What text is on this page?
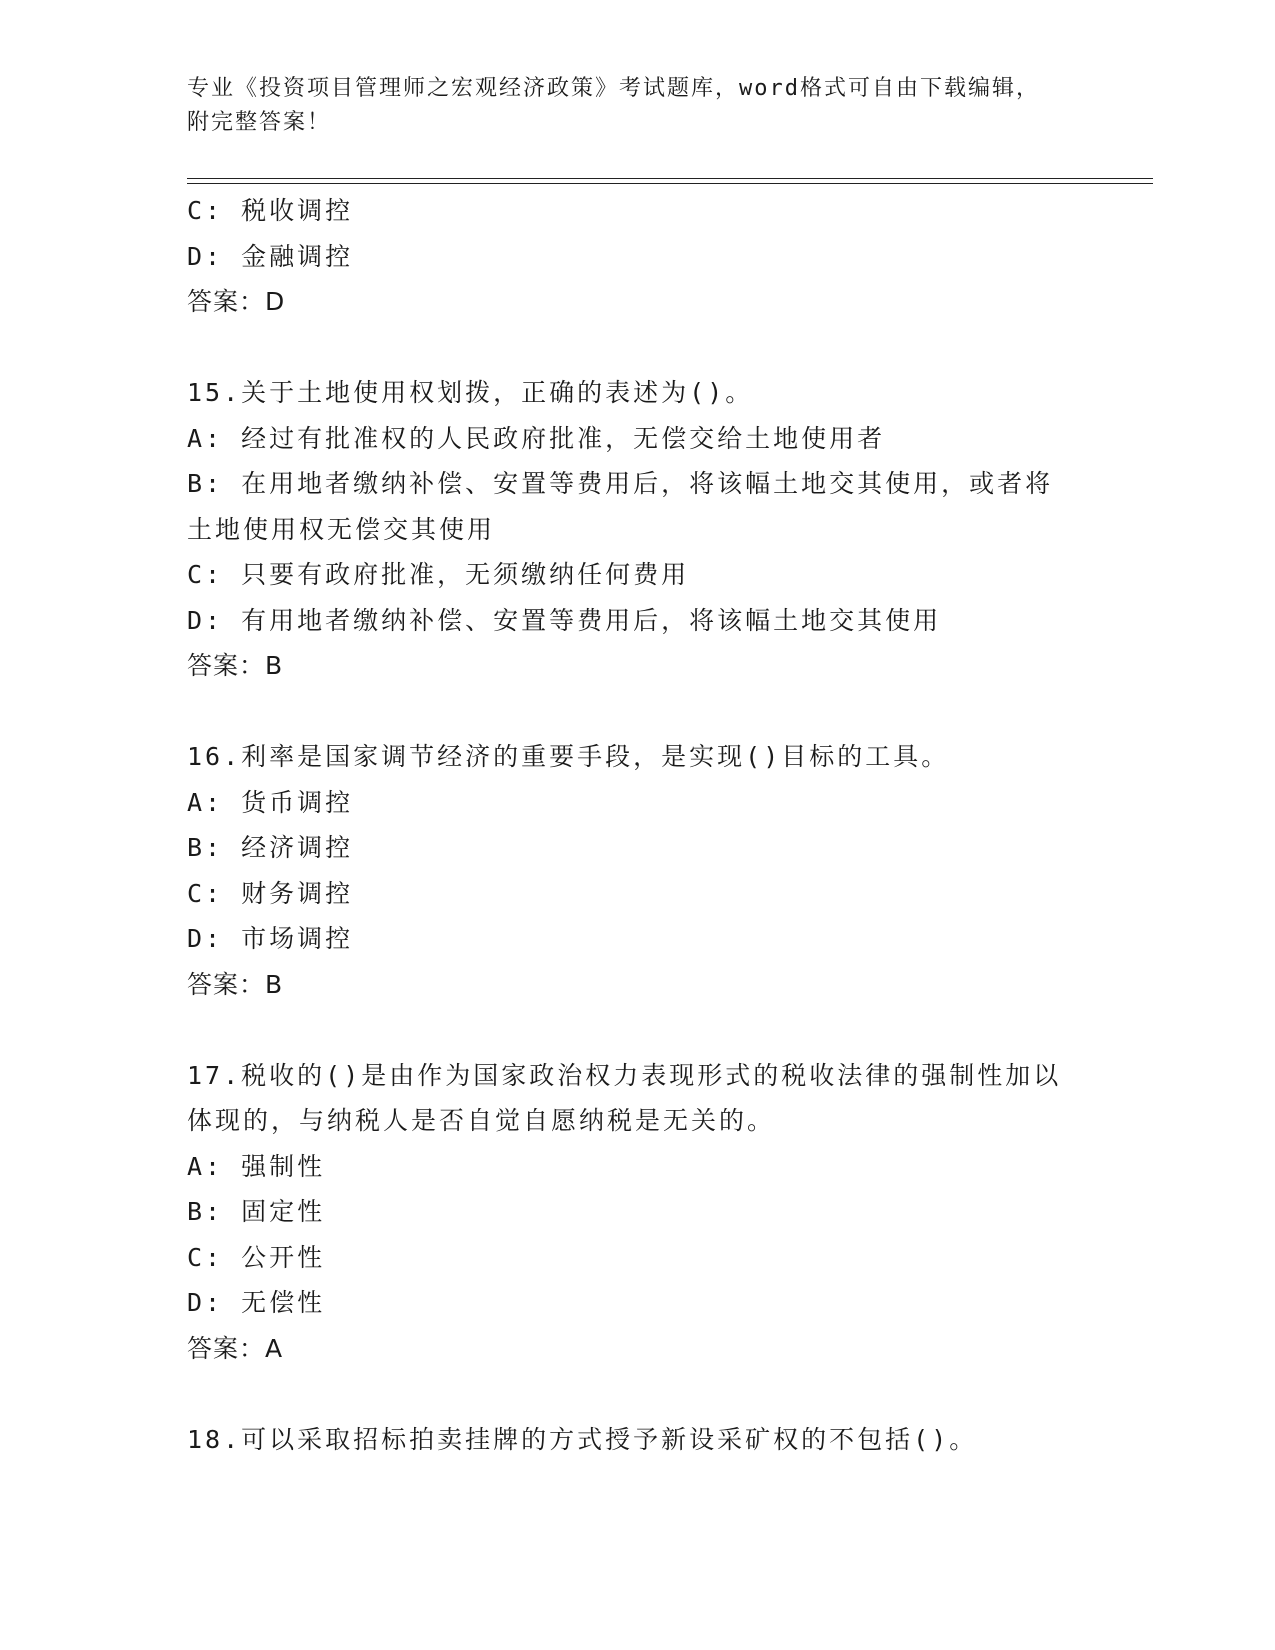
专业《投资项目管理师之宏观经济政策》考试题库，word格式可自由下载编辑，
附完整答案！
C: 税收调控
D: 金融调控
答案：D
15.关于土地使用权划拨，正确的表述为()。
A: 经过有批准权的人民政府批准，无偿交给土地使用者
B: 在用地者缴纳补偿、安置等费用后，将该幅土地交其使用，或者将
土地使用权无偿交其使用
C: 只要有政府批准，无须缴纳任何费用
D: 有用地者缴纳补偿、安置等费用后，将该幅土地交其使用
答案：B
16.利率是国家调节经济的重要手段，是实现()目标的工具。
A: 货币调控
B: 经济调控
C: 财务调控
D: 市场调控
答案：B
17.税收的()是由作为国家政治权力表现形式的税收法律的强制性加以
体现的，与纳税人是否自觉自愿纳税是无关的。
A: 强制性
B: 固定性
C: 公开性
D: 无偿性
答案：A
18.可以采取招标拍卖挂牌的方式授予新设采矿权的不包括()。
